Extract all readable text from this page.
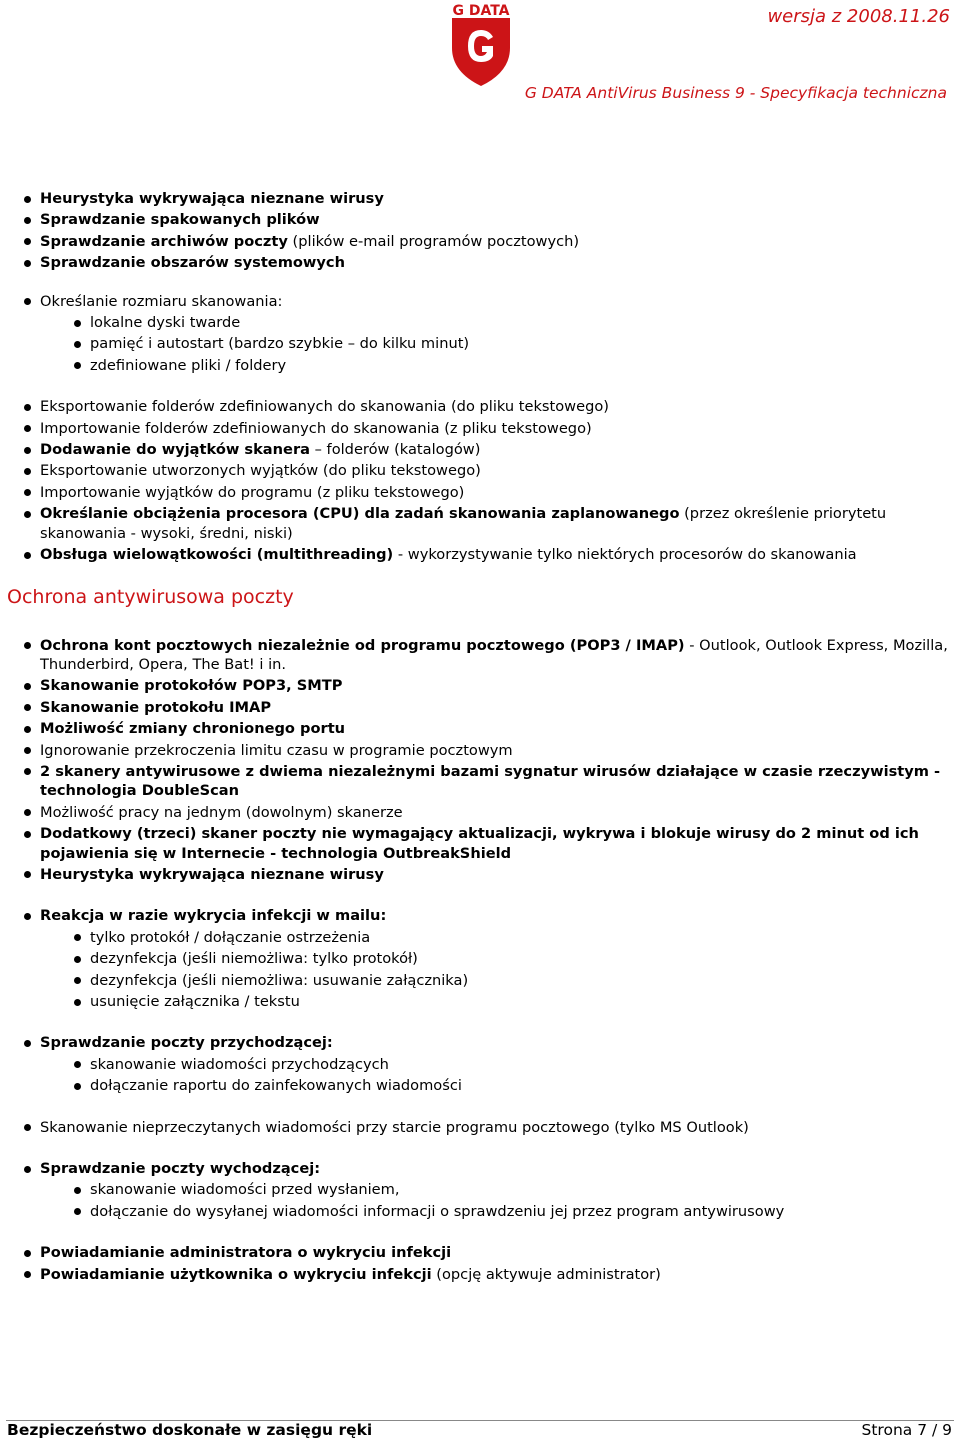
G DATA	wersja z 2008.11.26
G DATA AntiVirus Business 9 - Specyfikacja techniczna
Heurystyka wykrywająca nieznane wirusy
Sprawdzanie spakowanych plików
Sprawdzanie archiwów poczty (plików e-mail programów pocztowych)
Sprawdzanie obszarów systemowych
Określanie rozmiaru skanowania:
lokalne dyski twarde
pamięć i autostart (bardzo szybkie – do kilku minut)
zdefiniowane pliki / foldery
Eksportowanie folderów zdefiniowanych do skanowania (do pliku tekstowego)
Importowanie folderów zdefiniowanych do skanowania (z pliku tekstowego)
Dodawanie do wyjątków skanera – folderów (katalogów)
Eksportowanie utworzonych wyjątków (do pliku tekstowego)
Importowanie wyjątków do programu (z pliku tekstowego)
Określanie obciążenia procesora (CPU) dla zadań skanowania zaplanowanego (przez określenie priorytetu skanowania - wysoki, średni, niski)
Obsługa wielowątkowości (multithreading) - wykorzystywanie tylko niektórych procesorów do skanowania
Ochrona antywirusowa poczty
Ochrona kont pocztowych niezależnie od programu pocztowego (POP3 / IMAP) - Outlook, Outlook Express, Mozilla, Thunderbird, Opera, The Bat! i in.
Skanowanie protokołów POP3, SMTP
Skanowanie protokołu IMAP
Możliwość zmiany chronionego portu
Ignorowanie przekroczenia limitu czasu w programie pocztowym
2 skanery antywirusowe z dwiema niezależnymi bazami sygnatur wirusów działające w czasie rzeczywistym - technologia DoubleScan
Możliwość pracy na jednym (dowolnym) skanerze
Dodatkowy (trzeci) skaner poczty nie wymagający aktualizacji, wykrywa i blokuje wirusy do 2 minut od ich pojawienia się w Internecie - technologia OutbreakShield
Heurystyka wykrywająca nieznane wirusy
Reakcja w razie wykrycia infekcji w mailu:
tylko protokół / dołączanie ostrzeżenia
dezynfekcja (jeśli niemożliwa: tylko protokół)
dezynfekcja (jeśli niemożliwa: usuwanie załącznika)
usunięcie załącznika / tekstu
Sprawdzanie poczty przychodzącej:
skanowanie wiadomości przychodzących
dołączanie raportu do zainfekowanych wiadomości
Skanowanie nieprzeczytanych wiadomości przy starcie programu pocztowego (tylko MS Outlook)
Sprawdzanie poczty wychodzącej:
skanowanie wiadomości przed wysłaniem,
dołączanie do wysyłanej wiadomości informacji o sprawdzeniu jej przez program antywirusowy
Powiadamianie administratora o wykryciu infekcji
Powiadamianie użytkownika o wykryciu infekcji (opcję aktywuje administrator)
Bezpieczeństwo doskonałe w zasięgu ręki	Strona 7 / 9
